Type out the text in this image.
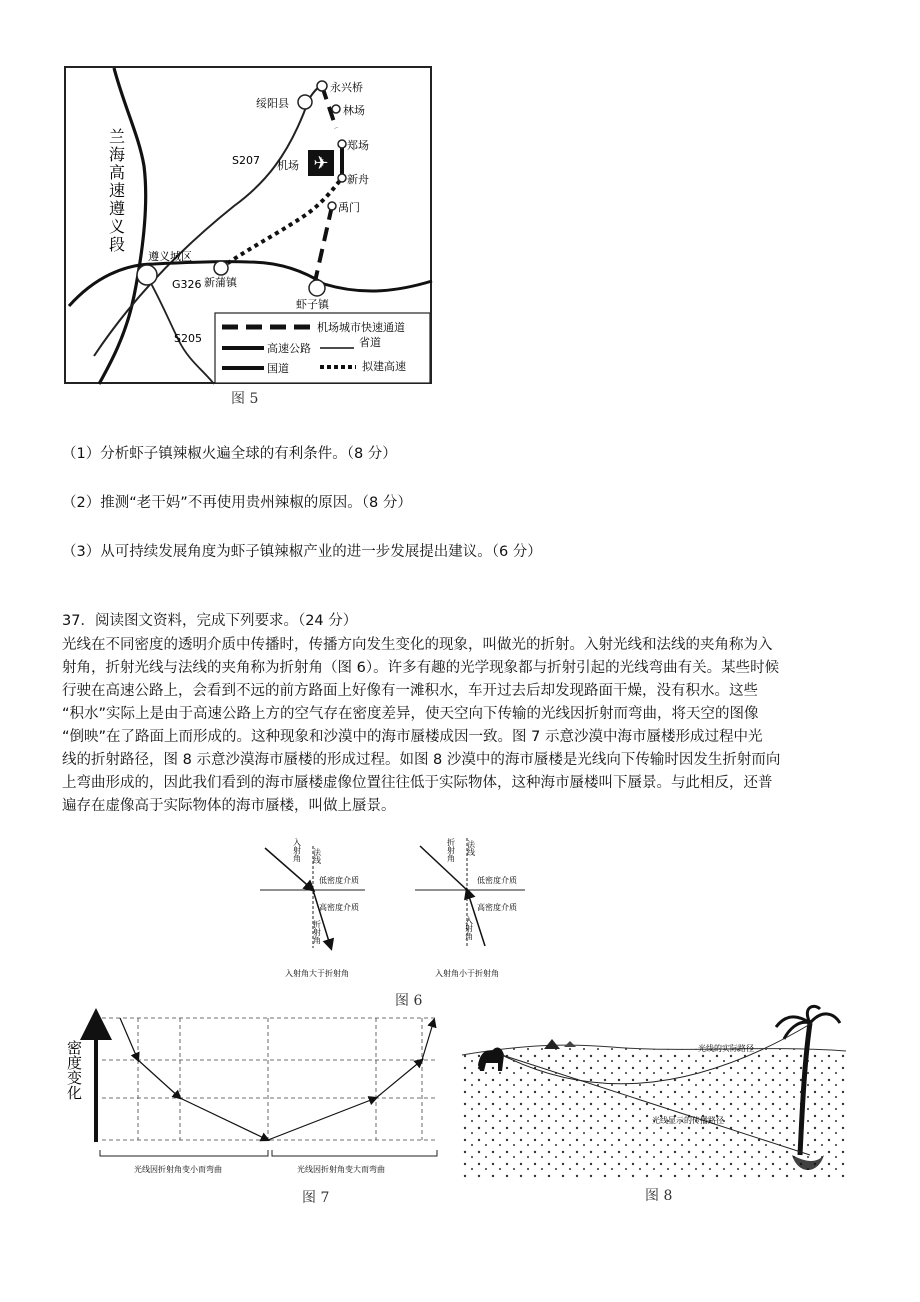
✈
绥阳县
永兴桥
林场
郑场
机场
新舟
禹门
遵义城区
新蒲镇
虾子镇
S207
G326
S205
兰海高速遵义段
机场城市快速通道
高速公路	省道
国道	拟建高速
图 5
（1）分析虾子镇辣椒火遍全球的有利条件。（8 分）
（2）推测“老干妈”不再使用贵州辣椒的原因。（8 分）
（3）从可持续发展角度为虾子镇辣椒产业的进一步发展提出建议。（6 分）
37．阅读图文资料，完成下列要求。（24 分）
光线在不同密度的透明介质中传播时，传播方向发生变化的现象，叫做光的折射。入射光线和法线的夹角称为入
射角，折射光线与法线的夹角称为折射角（图 6）。许多有趣的光学现象都与折射引起的光线弯曲有关。某些时候
行驶在高速公路上，会看到不远的前方路面上好像有一滩积水，车开过去后却发现路面干燥，没有积水。这些
“积水”实际上是由于高速公路上方的空气存在密度差异，使天空向下传输的光线因折射而弯曲，将天空的图像
“倒映”在了路面上而形成的。这种现象和沙漠中的海市蜃楼成因一致。图 7 示意沙漠中海市蜃楼形成过程中光
线的折射路径，图 8 示意沙漠海市蜃楼的形成过程。如图 8 沙漠中的海市蜃楼是光线向下传输时因发生折射而向
上弯曲形成的，因此我们看到的海市蜃楼虚像位置往往低于实际物体，这种海市蜃楼叫下蜃景。与此相反，还普
遍存在虚像高于实际物体的海市蜃楼，叫做上蜃景。
法线
入射角
低密度介质
高密度介质
折射角
入射角大于折射角
法线
折射角
低密度介质
高密度介质
入射角
入射角小于折射角
图 6
密度变化
光线因折射角变小而弯曲	光线因折射角变大而弯曲
图 7
光线的实际路径
光线显示的传播路径
图 8
